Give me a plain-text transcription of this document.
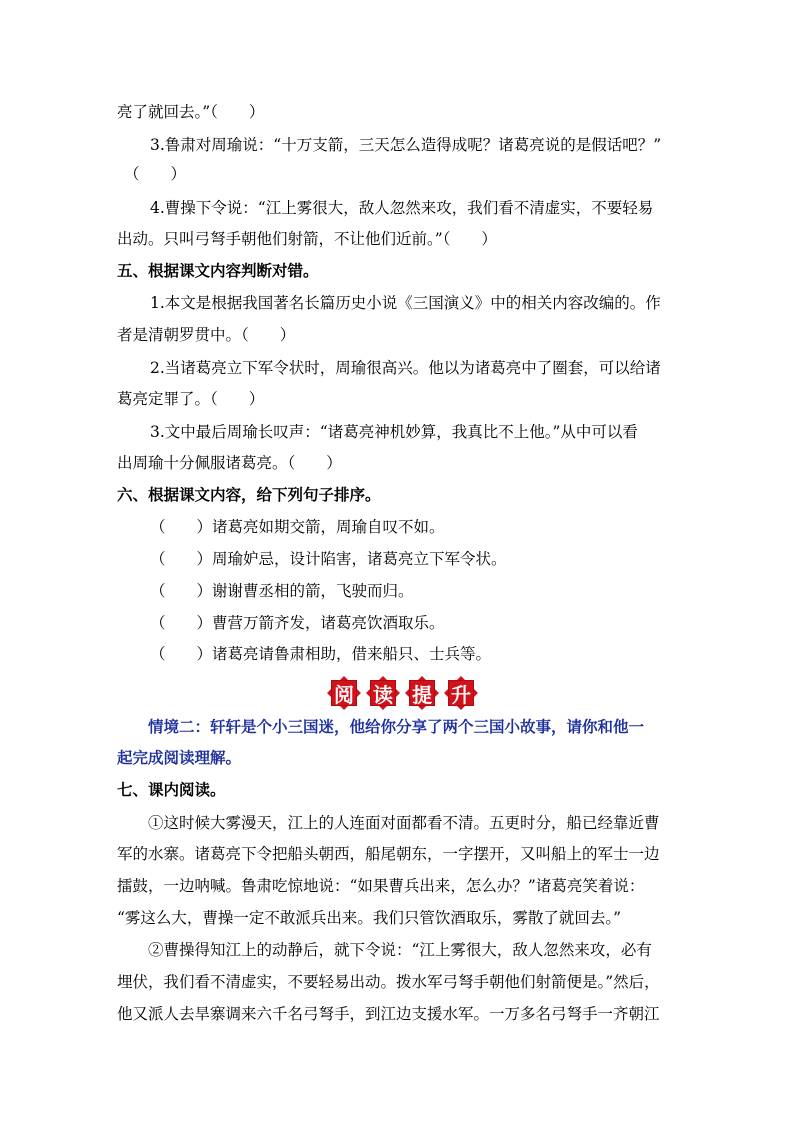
亮了就回去。”（　　）
3.鲁肃对周瑜说：“十万支箭，三天怎么造得成呢？诸葛亮说的是假话吧？”
（　　）
4.曹操下令说：“江上雾很大，敌人忽然来攻，我们看不清虚实，不要轻易
出动。只叫弓弩手朝他们射箭，不让他们近前。”（　　）
五、根据课文内容判断对错。
1.本文是根据我国著名长篇历史小说《三国演义》中的相关内容改编的。作
者是清朝罗贯中。（　　）
2.当诸葛亮立下军令状时，周瑜很高兴。他以为诸葛亮中了圈套，可以给诸
葛亮定罪了。（　　）
3.文中最后周瑜长叹声：“诸葛亮神机妙算，我真比不上他。”从中可以看
出周瑜十分佩服诸葛亮。（　　）
六、根据课文内容，给下列句子排序。
（　　）诸葛亮如期交箭，周瑜自叹不如。
（　　）周瑜妒忌，设计陷害，诸葛亮立下军令状。
（　　）谢谢曹丞相的箭，飞驶而归。
（　　）曹营万箭齐发，诸葛亮饮酒取乐。
（　　）诸葛亮请鲁肃相助，借来船只、士兵等。
阅 读 提 升
情境二：轩轩是个小三国迷，他给你分享了两个三国小故事，请你和他一
起完成阅读理解。
七、课内阅读。
①这时候大雾漫天，江上的人连面对面都看不清。五更时分，船已经靠近曹
军的水寨。诸葛亮下令把船头朝西，船尾朝东，一字摆开，又叫船上的军士一边
擂鼓，一边呐喊。鲁肃吃惊地说：“如果曹兵出来，怎么办？”诸葛亮笑着说：
“雾这么大，曹操一定不敢派兵出来。我们只管饮酒取乐，雾散了就回去。”
②曹操得知江上的动静后，就下令说：“江上雾很大，敌人忽然来攻，必有
埋伏，我们看不清虚实，不要轻易出动。拨水军弓弩手朝他们射箭便是。”然后，
他又派人去旱寨调来六千名弓弩手，到江边支援水军。一万多名弓弩手一齐朝江
